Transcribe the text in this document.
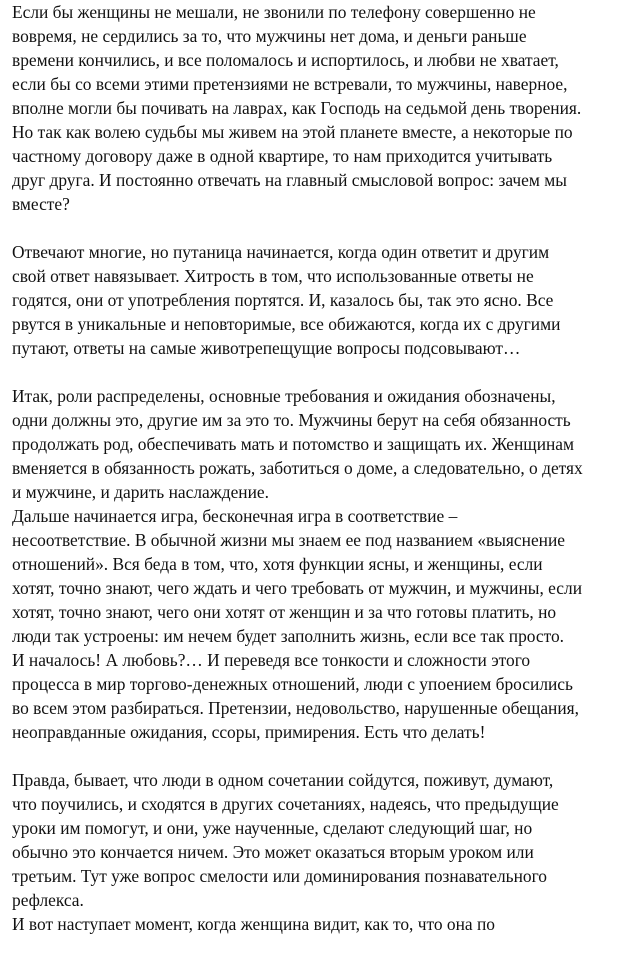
Если бы женщины не мешали, не звонили по телефону совершенно не
вовремя, не сердились за то, что мужчины нет дома, и деньги раньше
времени кончились, и все поломалось и испортилось, и любви не хватает,
если бы со всеми этими претензиями не встревали, то мужчины, наверное,
вполне могли бы почивать на лаврах, как Господь на седьмой день творения.
Но так как волею судьбы мы живем на этой планете вместе, а некоторые по
частному договору даже в одной квартире, то нам приходится учитывать
друг друга. И постоянно отвечать на главный смысловой вопрос: зачем мы
вместе?
Отвечают многие, но путаница начинается, когда один ответит и другим
свой ответ навязывает. Хитрость в том, что использованные ответы не
годятся, они от употребления портятся. И, казалось бы, так это ясно. Все
рвутся в уникальные и неповторимые, все обижаются, когда их с другими
путают, ответы на самые животрепещущие вопросы подсовывают…
Итак, роли распределены, основные требования и ожидания обозначены,
одни должны это, другие им за это то. Мужчины берут на себя обязанность
продолжать род, обеспечивать мать и потомство и защищать их. Женщинам
вменяется в обязанность рожать, заботиться о доме, а следовательно, о детях
и мужчине, и дарить наслаждение.
Дальше начинается игра, бесконечная игра в соответствие –
несоответствие. В обычной жизни мы знаем ее под названием «выяснение
отношений». Вся беда в том, что, хотя функции ясны, и женщины, если
хотят, точно знают, чего ждать и чего требовать от мужчин, и мужчины, если
хотят, точно знают, чего они хотят от женщин и за что готовы платить, но
люди так устроены: им нечем будет заполнить жизнь, если все так просто.
И началось! А любовь?… И переведя все тонкости и сложности этого
процесса в мир торгово-денежных отношений, люди с упоением бросились
во всем этом разбираться. Претензии, недовольство, нарушенные обещания,
неоправданные ожидания, ссоры, примирения. Есть что делать!
Правда, бывает, что люди в одном сочетании сойдутся, поживут, думают,
что поучились, и сходятся в других сочетаниях, надеясь, что предыдущие
уроки им помогут, и они, уже наученные, сделают следующий шаг, но
обычно это кончается ничем. Это может оказаться вторым уроком или
третьим. Тут уже вопрос смелости или доминирования познавательного
рефлекса.
И вот наступает момент, когда женщина видит, как то, что она по
